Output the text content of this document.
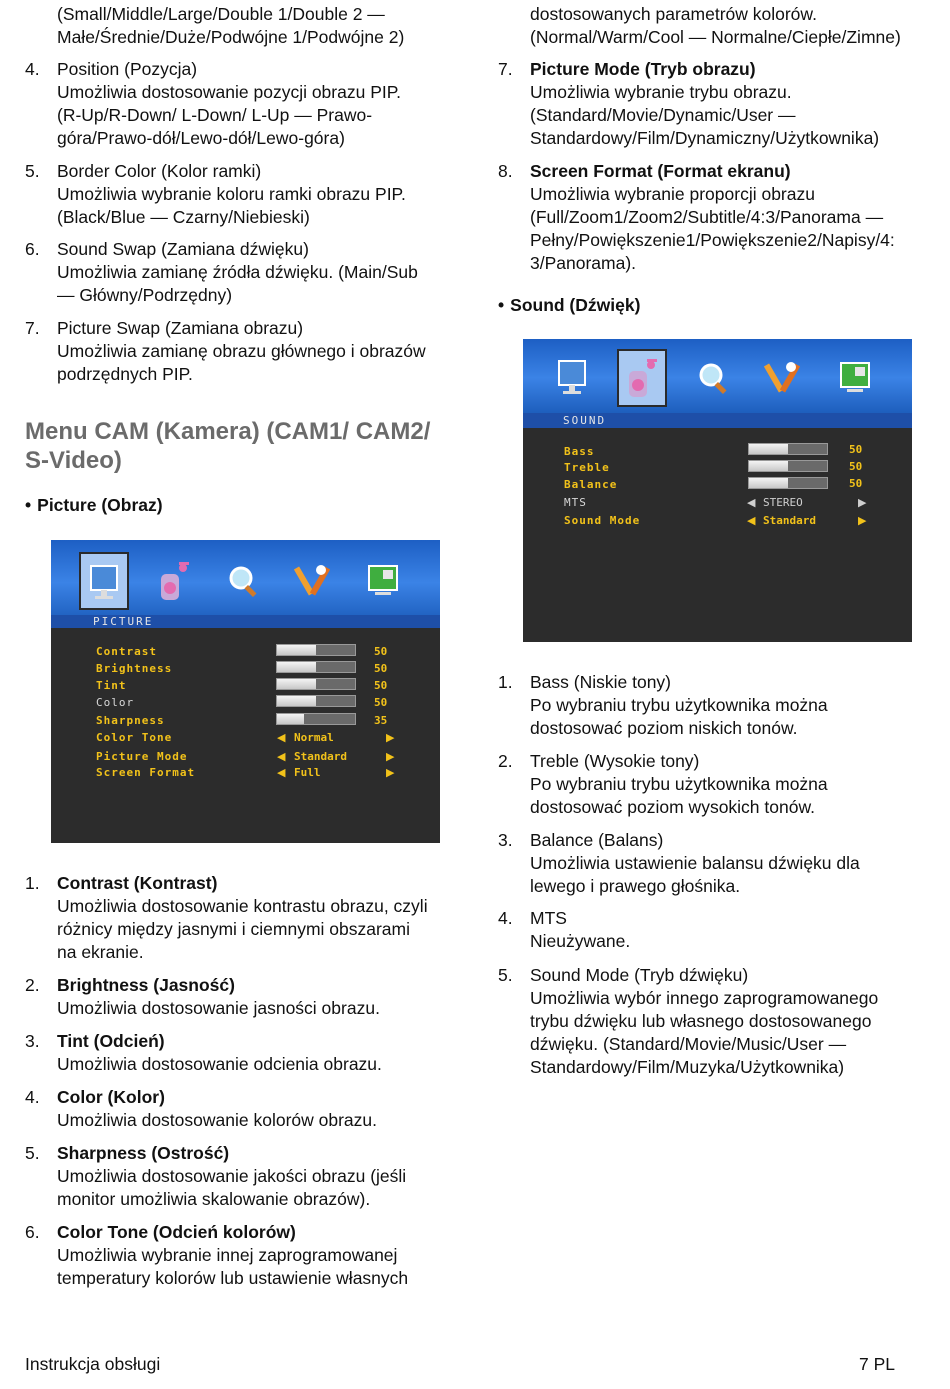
(Small/Middle/Large/Double 1/Double 2 —
Małe/Średnie/Duże/Podwójne 1/Podwójne 2)
4. Position (Pozycja)
Umożliwia dostosowanie pozycji obrazu PIP.
(R-Up/R-Down/ L-Down/ L-Up — Prawo-
góra/Prawo-dół/Lewo-dół/Lewo-góra)
5. Border Color (Kolor ramki)
Umożliwia wybranie koloru ramki obrazu PIP.
(Black/Blue — Czarny/Niebieski)
6. Sound Swap (Zamiana dźwięku)
Umożliwia zamianę źródła dźwięku. (Main/Sub
— Główny/Podrzędny)
7. Picture Swap (Zamiana obrazu)
Umożliwia zamianę obrazu głównego i obrazów
podrzędnych PIP.
Menu CAM (Kamera) (CAM1/ CAM2/
S-Video)
• Picture (Obraz)
PICTURE
Contrast	50
Brightness	50
Tint	50
Color	50
Sharpness	35
Color Tone	◀ Normal	▶
Picture Mode	◀ Standard	▶
Screen Format	◀ Full	▶
1. Contrast (Kontrast)
Umożliwia dostosowanie kontrastu obrazu, czyli
różnicy między jasnymi i ciemnymi obszarami
na ekranie.
2. Brightness (Jasność)
Umożliwia dostosowanie jasności obrazu.
3. Tint (Odcień)
Umożliwia dostosowanie odcienia obrazu.
4. Color (Kolor)
Umożliwia dostosowanie kolorów obrazu.
5. Sharpness (Ostrość)
Umożliwia dostosowanie jakości obrazu (jeśli
monitor umożliwia skalowanie obrazów).
6. Color Tone (Odcień kolorów)
Umożliwia wybranie innej zaprogramowanej
temperatury kolorów lub ustawienie własnych
dostosowanych parametrów kolorów.
(Normal/Warm/Cool — Normalne/Ciepłe/Zimne)
7. Picture Mode (Tryb obrazu)
Umożliwia wybranie trybu obrazu.
(Standard/Movie/Dynamic/User —
Standardowy/Film/Dynamiczny/Użytkownika)
8. Screen Format (Format ekranu)
Umożliwia wybranie proporcji obrazu
(Full/Zoom1/Zoom2/Subtitle/4:3/Panorama —
Pełny/Powiększenie1/Powiększenie2/Napisy/4:
3/Panorama).
• Sound (Dźwięk)
SOUND
Bass	50
Treble	50
Balance	50
MTS	◀ STEREO	▶
Sound Mode	◀ Standard	▶
1. Bass (Niskie tony)
Po wybraniu trybu użytkownika można
dostosować poziom niskich tonów.
2. Treble (Wysokie tony)
Po wybraniu trybu użytkownika można
dostosować poziom wysokich tonów.
3. Balance (Balans)
Umożliwia ustawienie balansu dźwięku dla
lewego i prawego głośnika.
4. MTS
Nieużywane.
5. Sound Mode (Tryb dźwięku)
Umożliwia wybór innego zaprogramowanego
trybu dźwięku lub własnego dostosowanego
dźwięku. (Standard/Movie/Music/User —
Standardowy/Film/Muzyka/Użytkownika)
Instrukcja obsługi	7 PL
